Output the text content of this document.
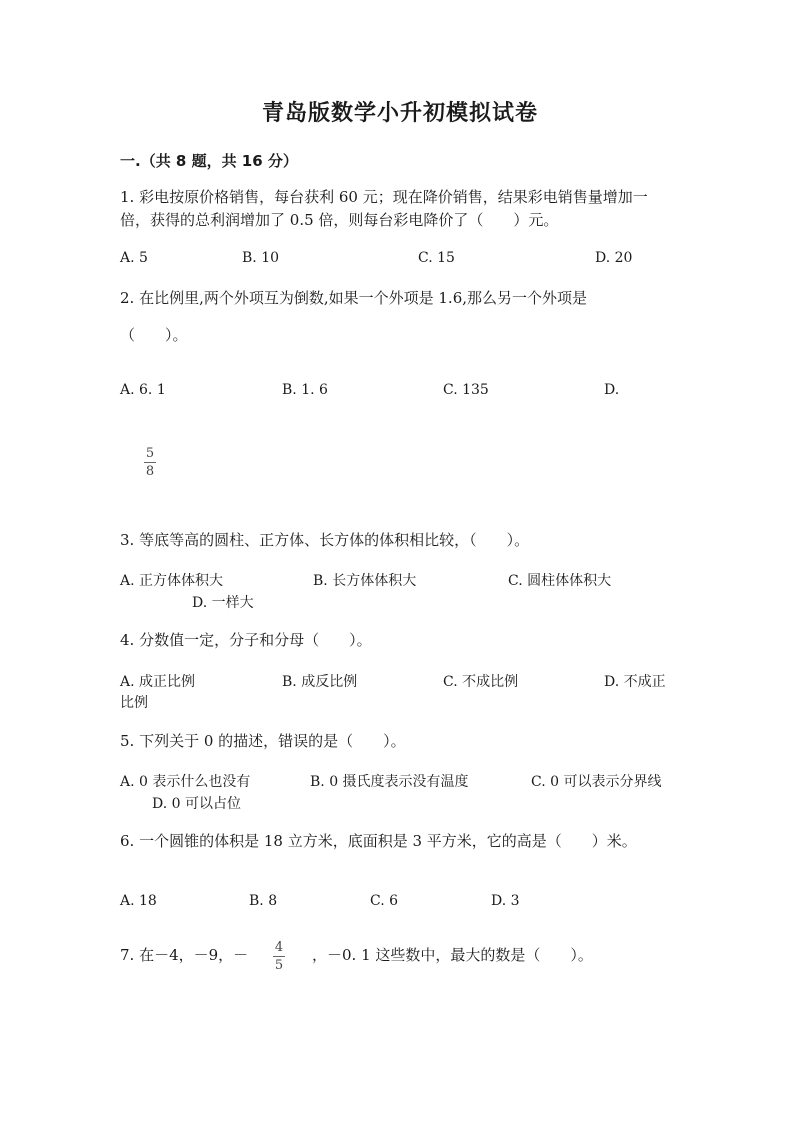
青岛版数学小升初模拟试卷
一.（共 8 题，共 16 分）
1. 彩电按原价格销售，每台获利 60 元；现在降价销售，结果彩电销售量增加一
倍，获得的总利润增加了 0.5 倍，则每台彩电降价了（　　）元。
A. 5	B. 10	C. 15	D. 20
2. 在比例里,两个外项互为倒数,如果一个外项是 1.6,那么另一个外项是
（　　）。
A. 6. 1	B. 1. 6	C. 135	D.
5
8
3. 等底等高的圆柱、正方体、长方体的体积相比较，（　　）。
A. 正方体体积大	B. 长方体体积大	C. 圆柱体体积大
D. 一样大
4. 分数值一定，分子和分母（　　）。
A. 成正比例	B. 成反比例	C. 不成比例	D. 不成正
比例
5. 下列关于 0 的描述，错误的是（　　）。
A. 0 表示什么也没有	B. 0 摄氏度表示没有温度	C. 0 可以表示分界线
D. 0 可以占位
6. 一个圆锥的体积是 18 立方米，底面积是 3 平方米，它的高是（　　）米。
A. 18	B. 8	C. 6	D. 3
7. 在－4，－9，－ 4
5
，－0. 1 这些数中，最大的数是（　　）。
